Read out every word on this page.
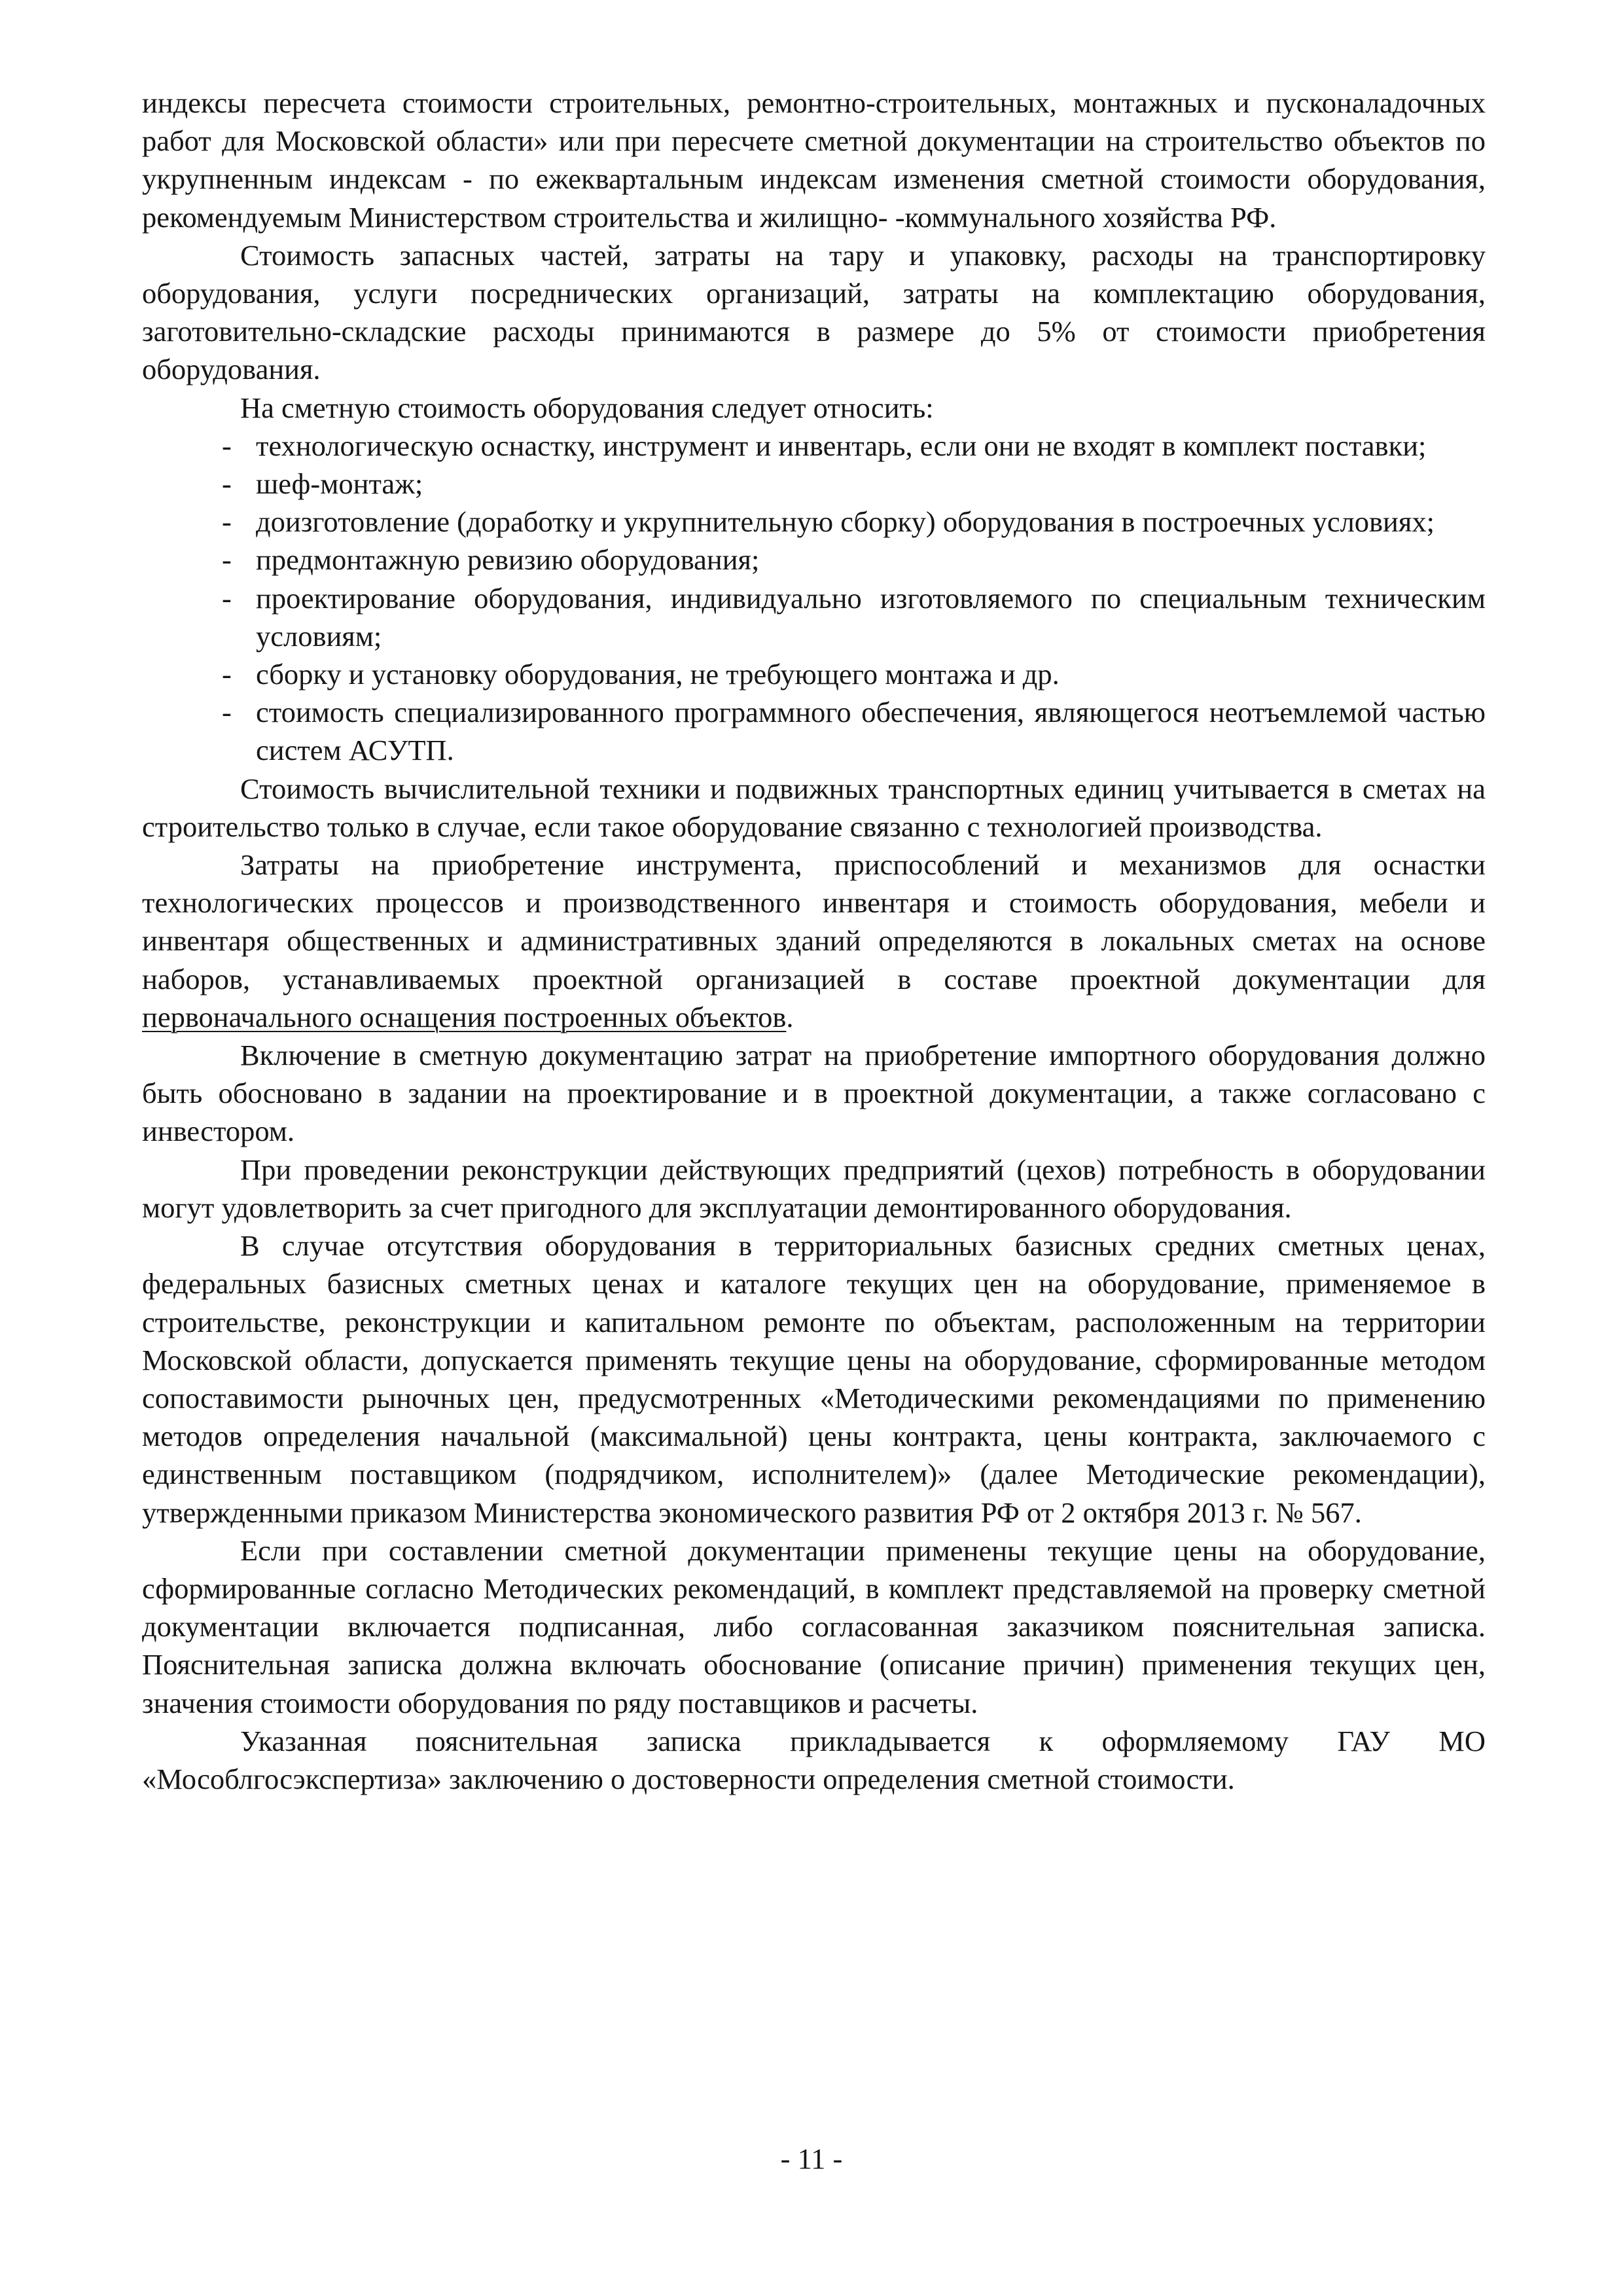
индексы пересчета стоимости строительных, ремонтно-строительных, монтажных и пусконаладочных работ для Московской области» или при пересчете сметной документации на строительство объектов по укрупненным индексам - по ежеквартальным индексам изменения сметной стоимости оборудования, рекомендуемым Министерством строительства и жилищно- -коммунального хозяйства РФ.

Стоимость запасных частей, затраты на тару и упаковку, расходы на транспортировку оборудования, услуги посреднических организаций, затраты на комплектацию оборудования, заготовительно-складские расходы принимаются в размере до 5% от стоимости приобретения оборудования.

На сметную стоимость оборудования следует относить:

- технологическую оснастку, инструмент и инвентарь, если они не входят в комплект поставки;
- шеф-монтаж;
- доизготовление (доработку и укрупнительную сборку) оборудования в построечных условиях;
- предмонтажную ревизию оборудования;
- проектирование оборудования, индивидуально изготовляемого по специальным техническим условиям;
- сборку и установку оборудования, не требующего монтажа и др.
- стоимость специализированного программного обеспечения, являющегося неотъемлемой частью систем АСУТП.

Стоимость вычислительной техники и подвижных транспортных единиц учитывается в сметах на строительство только в случае, если такое оборудование связанно с технологией производства.

Затраты на приобретение инструмента, приспособлений и механизмов для оснастки технологических процессов и производственного инвентаря и стоимость оборудования, мебели и инвентаря общественных и административных зданий определяются в локальных сметах на основе наборов, устанавливаемых проектной организацией в составе проектной документации для первоначального оснащения построенных объектов.

Включение в сметную документацию затрат на приобретение импортного оборудования должно быть обосновано в задании на проектирование и в проектной документации, а также согласовано с инвестором.

При проведении реконструкции действующих предприятий (цехов) потребность в оборудовании могут удовлетворить за счет пригодного для эксплуатации демонтированного оборудования.

В случае отсутствия оборудования в территориальных базисных средних сметных ценах, федеральных базисных сметных ценах и каталоге текущих цен на оборудование, применяемое в строительстве, реконструкции и капитальном ремонте по объектам, расположенным на территории Московской области, допускается применять текущие цены на оборудование, сформированные методом сопоставимости рыночных цен, предусмотренных «Методическими рекомендациями по применению методов определения начальной (максимальной) цены контракта, цены контракта, заключаемого с единственным поставщиком (подрядчиком, исполнителем)» (далее Методические рекомендации), утвержденными приказом Министерства экономического развития РФ от 2 октября 2013 г. № 567.

Если при составлении сметной документации применены текущие цены на оборудование, сформированные согласно Методических рекомендаций, в комплект представляемой на проверку сметной документации включается подписанная, либо согласованная заказчиком пояснительная записка. Пояснительная записка должна включать обоснование (описание причин) применения текущих цен, значения стоимости оборудования по ряду поставщиков и расчеты.

Указанная пояснительная записка прикладывается к оформляемому ГАУ МО «Мособлгосэкспертиза» заключению о достоверности определения сметной стоимости.

- 11 -
